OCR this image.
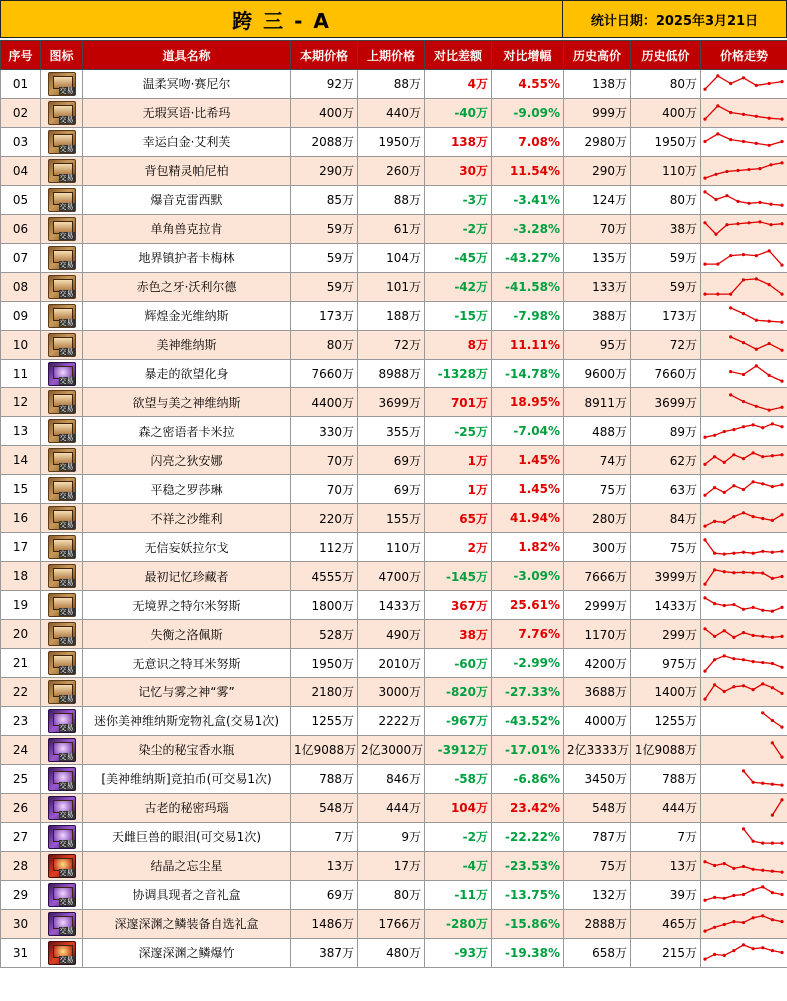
跨 三 - A	统计日期：2025年3月21日
序号	图标	道具名称	本期价格	上期价格	对比差额	对比增幅	历史高价	历史低价	价格走势
01	交易	温柔冥吻·赛尼尔	92万	88万	4万	4.55%	138万	80万	

02	交易	无瑕冥语·比希玛	400万	440万	-40万	-9.09%	999万	400万	

03	交易	幸运白金·艾利芙	2088万	1950万	138万	7.08%	2980万	1950万	

04	交易	背包精灵帕尼柏	290万	260万	30万	11.54%	290万	110万	

05	交易	爆音克雷西默	85万	88万	-3万	-3.41%	124万	80万	

06	交易	单角兽克拉肯	59万	61万	-2万	-3.28%	70万	38万	

07	交易	地界镇护者卡梅林	59万	104万	-45万	-43.27%	135万	59万	

08	交易	赤色之牙·沃利尔德	59万	101万	-42万	-41.58%	133万	59万	

09	交易	辉煌金光维纳斯	173万	188万	-15万	-7.98%	388万	173万	

10	交易	美神维纳斯	80万	72万	8万	11.11%	95万	72万	

11	交易	暴走的欲望化身	7660万	8988万	-1328万	-14.78%	9600万	7660万	

12	交易	欲望与美之神维纳斯	4400万	3699万	701万	18.95%	8911万	3699万	

13	交易	森之密语者卡米拉	330万	355万	-25万	-7.04%	488万	89万	

14	交易	闪亮之狄安娜	70万	69万	1万	1.45%	74万	62万	

15	交易	平稳之罗莎琳	70万	69万	1万	1.45%	75万	63万	

16	交易	不祥之沙维利	220万	155万	65万	41.94%	280万	84万	

17	交易	无信妄妖拉尔戈	112万	110万	2万	1.82%	300万	75万	

18	交易	最初记忆珍藏者	4555万	4700万	-145万	-3.09%	7666万	3999万	

19	交易	无境界之特尔米努斯	1800万	1433万	367万	25.61%	2999万	1433万	

20	交易	失衡之洛佩斯	528万	490万	38万	7.76%	1170万	299万	

21	交易	无意识之特耳米努斯	1950万	2010万	-60万	-2.99%	4200万	975万	

22	交易	记忆与雾之神“雾”	2180万	3000万	-820万	-27.33%	3688万	1400万	

23	交易	迷你美神维纳斯宠物礼盒(交易1次)	1255万	2222万	-967万	-43.52%	4000万	1255万	

24	交易	染尘的秘宝香水瓶	1亿9088万	2亿3000万	-3912万	-17.01%	2亿3333万	1亿9088万	

25	交易	[美神维纳斯]竞拍币(可交易1次)	788万	846万	-58万	-6.86%	3450万	788万	

26	交易	古老的秘密玛瑙	548万	444万	104万	23.42%	548万	444万	

27	交易	天雌巨兽的眼泪(可交易1次)	7万	9万	-2万	-22.22%	787万	7万	

28	交易	结晶之忘尘星	13万	17万	-4万	-23.53%	75万	13万	

29	交易	协调具现者之音礼盒	69万	80万	-11万	-13.75%	132万	39万	

30	交易	深邃深渊之鳞装备自选礼盒	1486万	1766万	-280万	-15.86%	2888万	465万	

31	交易	深邃深渊之鳞爆竹	387万	480万	-93万	-19.38%	658万	215万	
